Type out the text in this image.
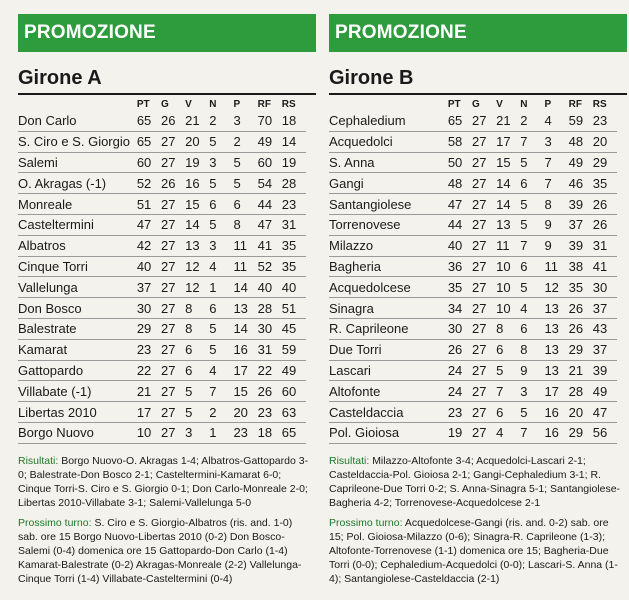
PROMOZIONE
Girone A
	PT	G	V	N	P	RF	RS
Don Carlo	65	26	21	2	3	70	18
S. Ciro e S. Giorgio	65	27	20	5	2	49	14
Salemi	60	27	19	3	5	60	19
O. Akragas (-1)	52	26	16	5	5	54	28
Monreale	51	27	15	6	6	44	23
Casteltermini	47	27	14	5	8	47	31
Albatros	42	27	13	3	11	41	35
Cinque Torri	40	27	12	4	11	52	35
Vallelunga	37	27	12	1	14	40	40
Don Bosco	30	27	8	6	13	28	51
Balestrate	29	27	8	5	14	30	45
Kamarat	23	27	6	5	16	31	59
Gattopardo	22	27	6	4	17	22	49
Villabate (-1)	21	27	5	7	15	26	60
Libertas 2010	17	27	5	2	20	23	63
Borgo Nuovo	10	27	3	1	23	18	65

Risultati: Borgo Nuovo-O. Akragas 1-4; Albatros-Gattopardo 3-0; Balestrate-Don Bosco 2-1; Casteltermini-Kamarat 6-0; Cinque Torri-S. Ciro e S. Giorgio 0-1; Don Carlo-Monreale 2-0; Libertas 2010-Villabate 3-1; Salemi-Vallelunga 5-0

Prossimo turno: S. Ciro e S. Giorgio-Albatros (ris. and. 1-0) sab. ore 15 Borgo Nuovo-Libertas 2010 (0-2) Don Bosco-Salemi (0-4) domenica ore 15 Gattopardo-Don Carlo (1-4) Kamarat-Balestrate (0-2) Akragas-Monreale (2-2) Vallelunga-Cinque Torri (1-4) Villabate-Casteltermini (0-4)

PROMOZIONE
Girone B
	PT	G	V	N	P	RF	RS
Cephaledium	65	27	21	2	4	59	23
Acquedolci	58	27	17	7	3	48	20
S. Anna	50	27	15	5	7	49	29
Gangi	48	27	14	6	7	46	35
Santangiolese	47	27	14	5	8	39	26
Torrenovese	44	27	13	5	9	37	26
Milazzo	40	27	11	7	9	39	31
Bagheria	36	27	10	6	11	38	41
Acquedolcese	35	27	10	5	12	35	30
Sinagra	34	27	10	4	13	26	37
R. Caprileone	30	27	8	6	13	26	43
Due Torri	26	27	6	8	13	29	37
Lascari	24	27	5	9	13	21	39
Altofonte	24	27	7	3	17	28	49
Casteldaccia	23	27	6	5	16	20	47
Pol. Gioiosa	19	27	4	7	16	29	56

Risultati: Milazzo-Altofonte 3-4; Acquedolci-Lascari 2-1; Casteldaccia-Pol. Gioiosa 2-1; Gangi-Cephaledium 3-1; R. Caprileone-Due Torri 0-2; S. Anna-Sinagra 5-1; Santangiolese-Bagheria 4-2; Torrenovese-Acquedolcese 2-1

Prossimo turno: Acquedolcese-Gangi (ris. and. 0-2) sab. ore 15; Pol. Gioiosa-Milazzo (0-6); Sinagra-R. Caprileone (1-3); Altofonte-Torrenovese (1-1) domenica ore 15; Bagheria-Due Torri (0-0); Cephaledium-Acquedolci (0-0); Lascari-S. Anna (1-4); Santangiolese-Casteldaccia (2-1)
